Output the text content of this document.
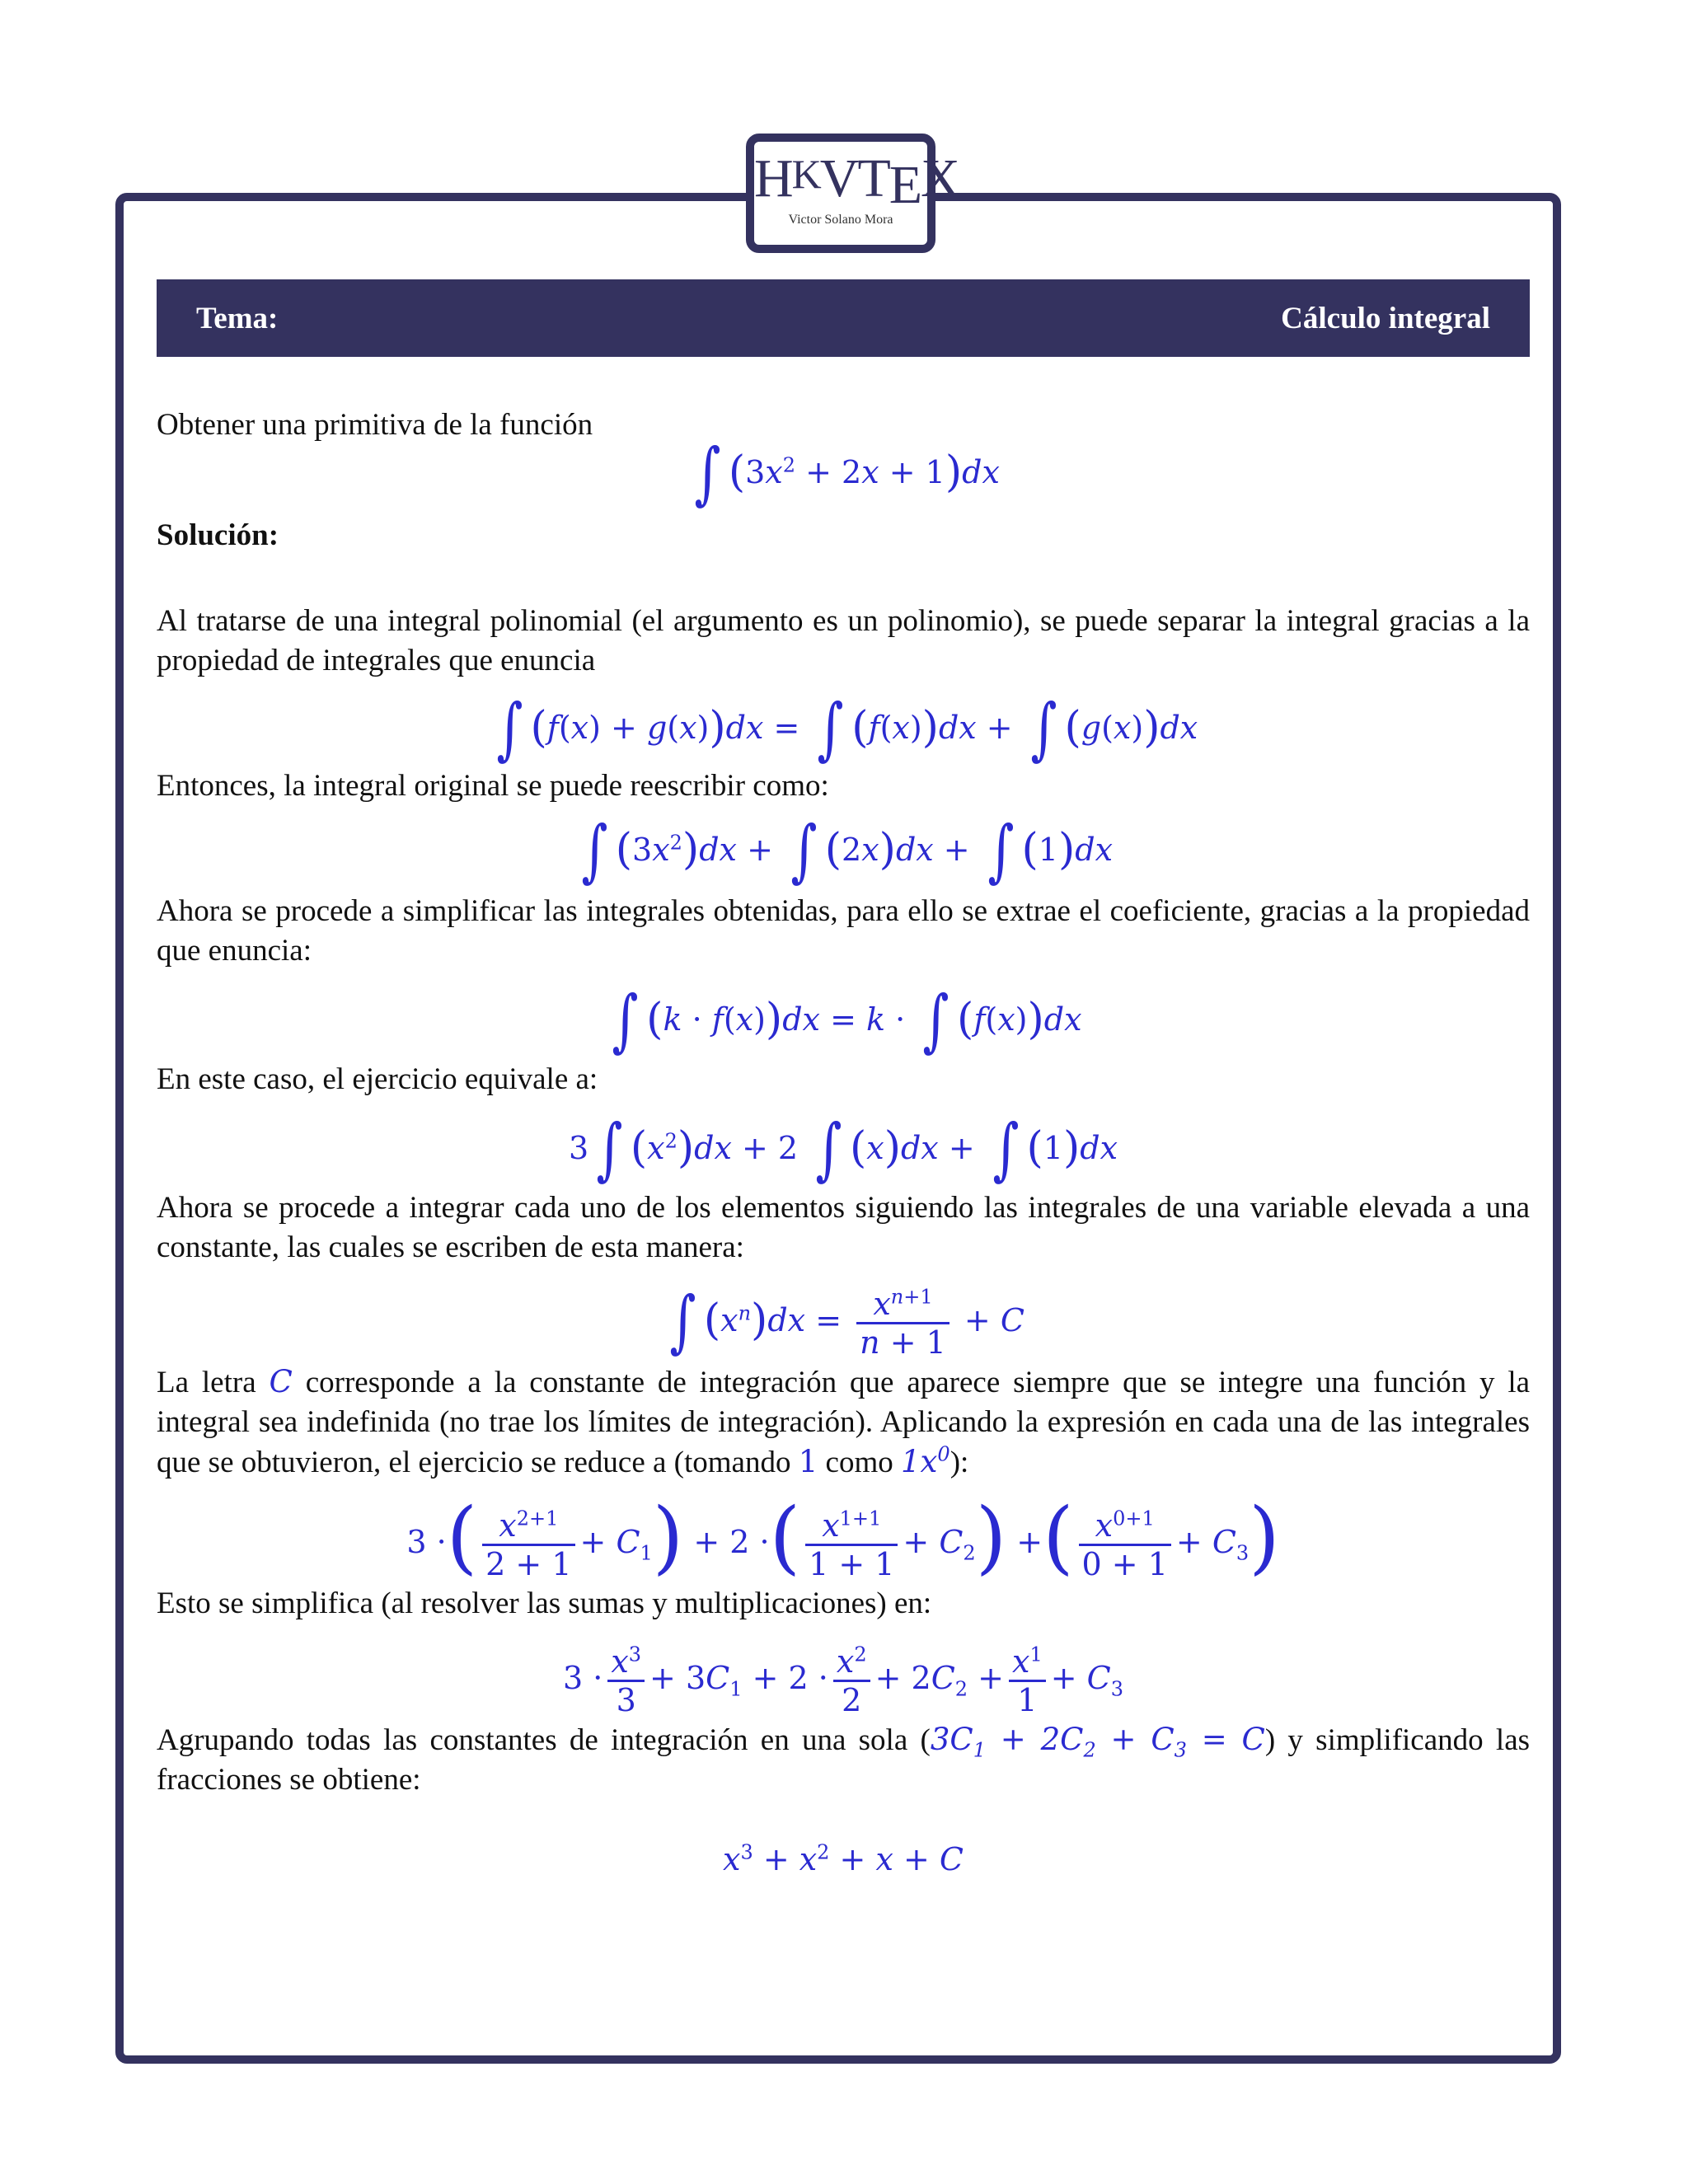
HKVTEX
Victor Solano Mora
Tema:	Cálculo integral

Obtener una primitiva de la función

∫ $(3x^2 + 2x + 1)dx$

Solución:

Al tratarse de una integral polinomial (el argumento es un polinomio), se puede separar la integral gracias a la propiedad de integrales que enuncia

∫ (f(x) + g(x))dx = ∫ (f(x))dx + ∫ (g(x))dx

Entonces, la integral original se puede reescribir como:

∫ $(3x^2)dx$ + ∫ (2x)dx + ∫ (1)dx

Ahora se procede a simplificar las integrales obtenidas, para ello se extrae el coeficiente, gracias a la propiedad que enuncia:

∫ (k · f(x))dx = k · ∫ (f(x))dx

En este caso, el ejercicio equivale a:

3 ∫ $(x^2)dx + 2$ ∫ (x)dx + ∫ (1)dx

Ahora se procede a integrar cada uno de los elementos siguiendo las integrales de una variable elevada a una constante, las cuales se escriben de esta manera:

∫ $(x^n)dx = \frac{x^{n+1}}{n + 1} + C$

La letra C corresponde a la constante de integración que aparece siempre que se integre una función y la integral sea indefinida (no trae los límites de integración). Aplicando la expresión en cada una de las integrales que se obtuvieron, el ejercicio se reduce a (tomando 1 como $1x^0$):

3 ·( $\frac{x^{2+1}}{2 + 1} + C_1) + 2$ ·( $\frac{x^{1+1}}{1 + 1} + C_2$) +( $\frac{x^{0+1}}{0 + 1} + C_3$)

Esto se simplifica (al resolver las sumas y multiplicaciones) en:

$3 \cdot \frac{x^3}{3} + 3C_1 + 2 \cdot \frac{x^2}{2} + 2C_2 + \frac{x^1}{1} + C_3$

Agrupando todas las constantes de integración en una sola $(3C_1 + 2C_2 + C_3 = C)$ y simplificando las fracciones se obtiene:

$x^3 + x^2 + x + C$
